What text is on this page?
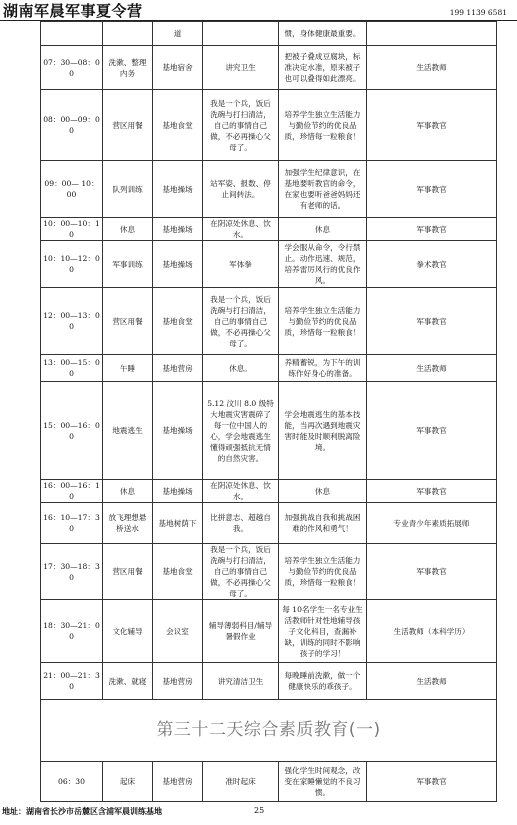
湖南军晨军事夏令营	199 1139 6581
		道		惯，身体健康最重要。	
07：30—08：00	洗漱、整理内务	基地宿舍	讲究卫生	把被子叠成豆腐块，标准决定水准，原来被子也可以叠得如此漂亮。	生活教师
08：00—09：00	营区用餐	基地食堂	我是一个兵，饭后洗碗与打扫清洁， 自己的事情自己做，不必再操心父母了。	培养学生独立生活能力与勤俭节约的优良品质，珍惜每一粒粮食！	军事教官
09：00— 10：00	队列训练	基地操场	站军姿、报数、停止间转法。	加强学生纪律意识，在基地要听教官的命令，在家也要听爸爸妈妈还有老师的话。	军事教官
10：00—10：10	休息	基地操场	在阴凉处休息、饮水。	休息	军事教官
10：10—12：00	军事训练	基地操场	军体拳	学会服从命令，令行禁止。动作迅速、规范，培养雷厉风行的优良作风。	拳术教官
12：00—13：00	营区用餐	基地食堂	我是一个兵，饭后洗碗与打扫清洁， 自己的事情自己做，不必再操心父母了。	培养学生独立生活能力与勤俭节约的优良品质，珍惜每一粒粮食！	军事教官
13：00—15：00	午睡	基地营房	休息。	养精蓄锐，为下午的训练作好身心的准备。	生活教师
15：00—16：00	地震逃生	基地操场	5.12 汶川 8.0 级特大地震灾害震碎了每一位中国人的心，学会地震逃生懂得顽强抵抗无情的自然灾害。	学会地震逃生的基本技能，当再次遇到地震灾害时能及时顺利脱离险境。	军事教官
16：00—16：10	休息	基地操场	在阴凉处休息、饮水。	休息	军事教官
16：10—17：30	放飞理想悬桥送水	基地树荫下	比拼意志、超越自我。	加强挑战自我和挑战困难的作风和勇气！	专业青少年素质拓展师
17：30—18：30	营区用餐	基地食堂	我是一个兵，饭后洗碗与打扫清洁， 自己的事情自己做，不必再操心父母了。	培养学生独立生活能力与勤俭节约的优良品质，珍惜每一粒粮食！	军事教官
18：30—21：00	文化辅导	会议室	辅导薄弱科目/辅导暑假作业	每 10名学生一名专业生活教师针对性地辅导孩子文化科目，查漏补缺，训练的同时不影响孩子的学习！	生活教师（本科学历）
21：00—21：30	洗漱、就寝	基地营房	讲究清洁卫生	每晚睡前洗漱，做一个健康快乐的乖孩子。	生活教师
第三十二天综合素质教育(一)					
06：30	起床	基地营房	准时起床	强化学生时间观念，改变在家睡懒觉的不良习惯。	军事教官
地址：湖南省长沙市岳麓区含浦军晨训练基地	25
